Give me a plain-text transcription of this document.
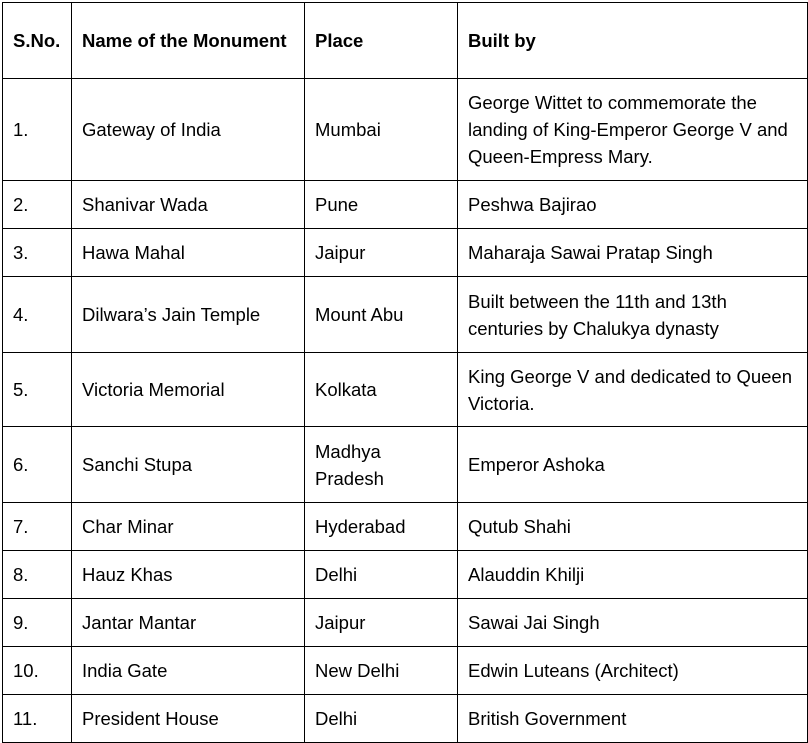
S.No.	Name of the Monument	Place	Built by
1.	Gateway of India	Mumbai	George Wittet to commemorate the landing of King-Emperor George V and Queen-Empress Mary.
2.	Shanivar Wada	Pune	Peshwa Bajirao
3.	Hawa Mahal	Jaipur	Maharaja Sawai Pratap Singh
4.	Dilwara’s Jain Temple	Mount Abu	Built between the 11th and 13th centuries by Chalukya dynasty
5.	Victoria Memorial	Kolkata	King George V and dedicated to Queen Victoria.
6.	Sanchi Stupa	Madhya Pradesh	Emperor Ashoka
7.	Char Minar	Hyderabad	Qutub Shahi
8.	Hauz Khas	Delhi	Alauddin Khilji
9.	Jantar Mantar	Jaipur	Sawai Jai Singh
10.	India Gate	New Delhi	Edwin Luteans (Architect)
11.	President House	Delhi	British Government
